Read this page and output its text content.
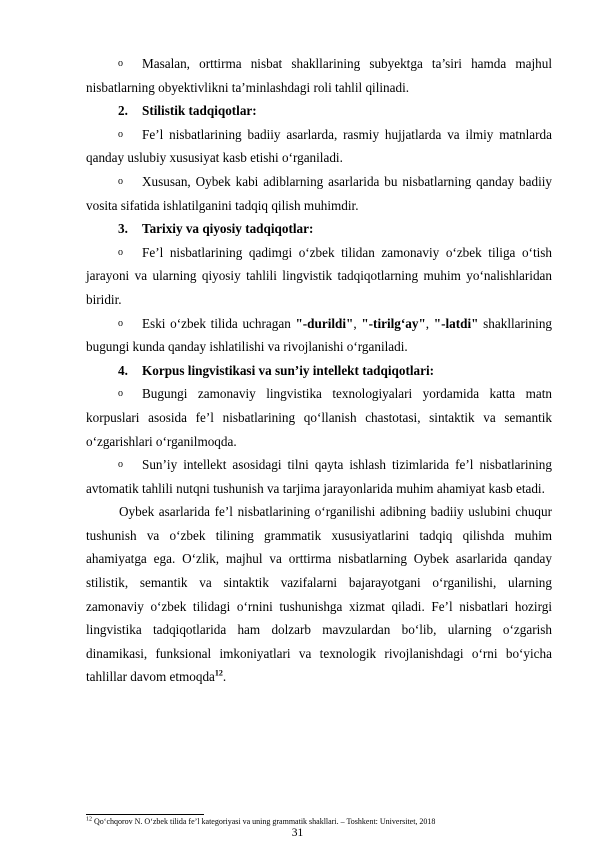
o Masalan, orttirma nisbat shakllarining subyektga ta’siri hamda majhul nisbatlarning obyektivlikni ta’minlashdagi roli tahlil qilinadi.

2. Stilistik tadqiqotlar:

o Fe’l nisbatlarining badiiy asarlarda, rasmiy hujjatlarda va ilmiy matnlarda qanday uslubiy xususiyat kasb etishi o‘rganiladi.

o Xususan, Oybek kabi adiblarning asarlarida bu nisbatlarning qanday badiiy vosita sifatida ishlatilganini tadqiq qilish muhimdir.

3. Tarixiy va qiyosiy tadqiqotlar:

o Fe’l nisbatlarining qadimgi o‘zbek tilidan zamonaviy o‘zbek tiliga o‘tish jarayoni va ularning qiyosiy tahlili lingvistik tadqiqotlarning muhim yo‘nalishlaridan biridir.

o Eski o‘zbek tilida uchragan "-durildi", "-tirilg‘ay", "-latdi" shakllarining bugungi kunda qanday ishlatilishi va rivojlanishi o‘rganiladi.

4. Korpus lingvistikasi va sun’iy intellekt tadqiqotlari:

o Bugungi zamonaviy lingvistika texnologiyalari yordamida katta matn korpuslari asosida fe’l nisbatlarining qo‘llanish chastotasi, sintaktik va semantik o‘zgarishlari o‘rganilmoqda.

o Sun’iy intellekt asosidagi tilni qayta ishlash tizimlarida fe’l nisbatlarining avtomatik tahlili nutqni tushunish va tarjima jarayonlarida muhim ahamiyat kasb etadi.

Oybek asarlarida fe’l nisbatlarining o‘rganilishi adibning badiiy uslubini chuqur tushunish va o‘zbek tilining grammatik xususiyatlarini tadqiq qilishda muhim ahamiyatga ega. O‘zlik, majhul va orttirma nisbatlarning Oybek asarlarida qanday stilistik, semantik va sintaktik vazifalarni bajarayotgani o‘rganilishi, ularning zamonaviy o‘zbek tilidagi o‘rnini tushunishga xizmat qiladi. Fe’l nisbatlari hozirgi lingvistika tadqiqotlarida ham dolzarb mavzulardan bo‘lib, ularning o‘zgarish dinamikasi, funksional imkoniyatlari va texnologik rivojlanishdagi o‘rni bo‘yicha tahlillar davom etmoqda$^{12}$.

$^{12}$ Qo‘chqorov N. O‘zbek tilida fe’l kategoriyasi va uning grammatik shakllari. – Toshkent: Universitet, 2018
31
